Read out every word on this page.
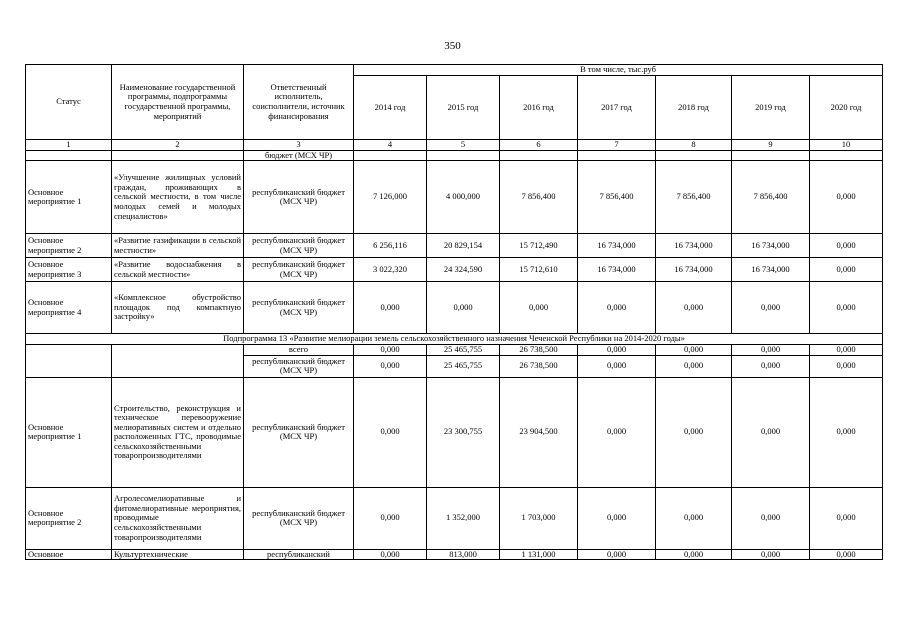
350
Статус	Наименование государственной программы, подпрограммы государственной программы, мероприятий	Ответственный исполнитель, соисполнители, источник финансирования	В том числе, тыс.руб						
			2014 год	2015 год	2016 год	2017 год	2018 год	2019 год	2020 год
1	2	3	4	5	6	7	8	9	10
		бюджет (МСХ ЧР)							
Основное мероприятие 1	«Улучшение жилищных условий граждан, проживающих в сельской местности, в том числе молодых семей и молодых специалистов»	республиканский бюджет (МСХ ЧР)	7 126,000	4 000,000	7 856,400	7 856,400	7 856,400	7 856,400	0,000
Основное мероприятие 2	«Развитие газификации в сельской местности»	республиканский бюджет (МСХ ЧР)	6 256,116	20 829,154	15 712,490	16 734,000	16 734,000	16 734,000	0,000
Основное мероприятие 3	«Развитие водоснабжения в сельской местности»	республиканский бюджет (МСХ ЧР)	3 022,320	24 324,590	15 712,610	16 734,000	16 734,000	16 734,000	0,000
Основное мероприятие 4	«Комплексное обустройство площадок под компактную застройку»	республиканский бюджет (МСХ ЧР)	0,000	0,000	0,000	0,000	0,000	0,000	0,000
Подпрограмма 13 «Развитие мелиорации земель сельскохозяйственного назначения Чеченской Республики на 2014-2020 годы»									
		всего	0,000	25 465,755	26 738,500	0,000	0,000	0,000	0,000
		республиканский бюджет (МСХ ЧР)	0,000	25 465,755	26 738,500	0,000	0,000	0,000	0,000
Основное мероприятие 1	Строительство, реконструкция и техническое перевооружение мелиоративных систем и отдельно расположенных ГТС, проводимые сельскохозяйственными товаропроизводителями	республиканский бюджет (МСХ ЧР)	0,000	23 300,755	23 904,500	0,000	0,000	0,000	0,000
Основное мероприятие 2	Агролесомелиоративные и фитомелиоративные мероприятия, проводимые сельскохозяйственными товаропроизводителями	республиканский бюджет (МСХ ЧР)	0,000	1 352,000	1 703,000	0,000	0,000	0,000	0,000
Основное	Культуртехнические	республиканский	0,000	813,000	1 131,000	0,000	0,000	0,000	0,000
